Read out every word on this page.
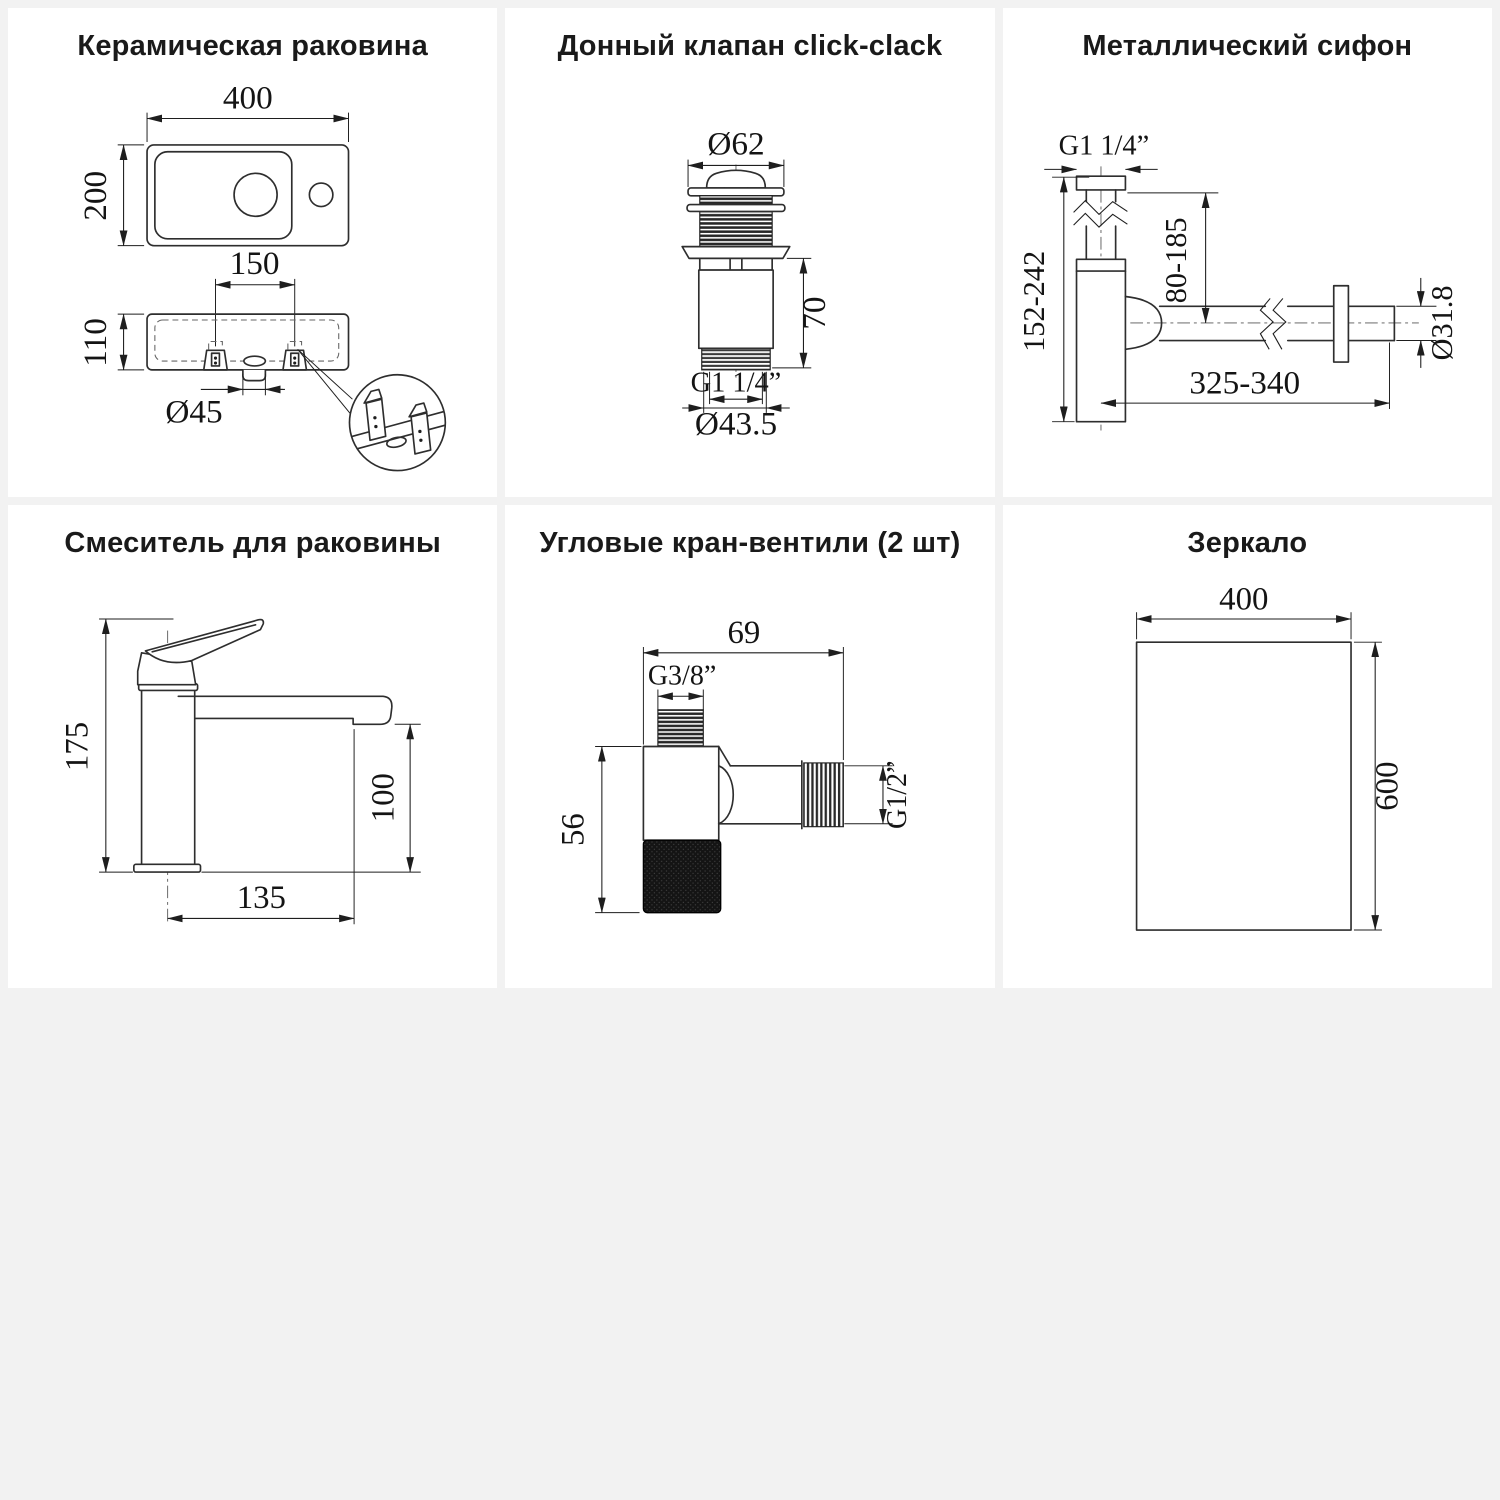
Керамическая раковина
400
200
150
110
Ø45
Донный клапан click-clack
Ø62
70
G1 1/4”
Ø43.5
Металлический сифон
G1 1/4”
152-242	80-185
Ø31.8
325-340
Смеситель для раковины
175
100
135
Угловые кран-вентили (2 шт)
69
G3/8”
G1/2”
56
Зеркало
400
600
